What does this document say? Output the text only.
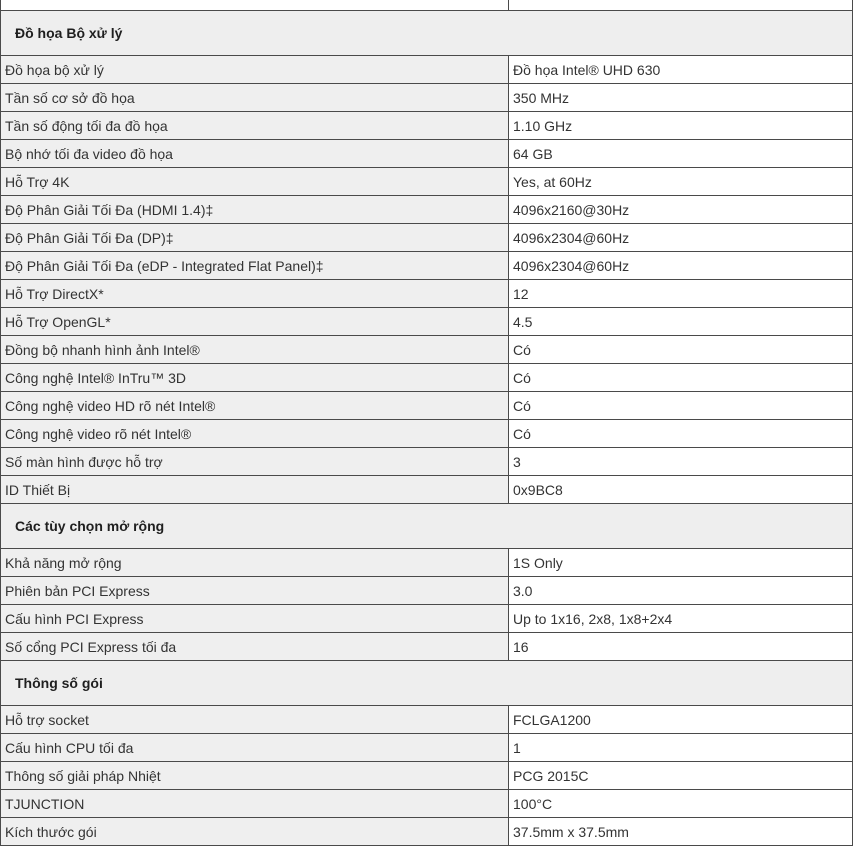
Đồ họa Bộ xử lý	
Đồ họa bộ xử lý	Đồ họa Intel® UHD 630
Tần số cơ sở đồ họa	350 MHz
Tần số động tối đa đồ họa	1.10 GHz
Bộ nhớ tối đa video đồ họa	64 GB
Hỗ Trợ 4K	Yes, at 60Hz
Độ Phân Giải Tối Đa (HDMI 1.4)‡	4096x2160@30Hz
Độ Phân Giải Tối Đa (DP)‡	4096x2304@60Hz
Độ Phân Giải Tối Đa (eDP - Integrated Flat Panel)‡	4096x2304@60Hz
Hỗ Trợ DirectX*	12
Hỗ Trợ OpenGL*	4.5
Đồng bộ nhanh hình ảnh Intel®	Có
Công nghệ Intel® InTru™ 3D	Có
Công nghệ video HD rõ nét Intel®	Có
Công nghệ video rõ nét Intel®	Có
Số màn hình được hỗ trợ	3
ID Thiết Bị	0x9BC8
Các tùy chọn mở rộng	
Khả năng mở rộng	1S Only
Phiên bản PCI Express	3.0
Cấu hình PCI Express	Up to 1x16, 2x8, 1x8+2x4
Số cổng PCI Express tối đa	16
Thông số gói	
Hỗ trợ socket	FCLGA1200
Cấu hình CPU tối đa	1
Thông số giải pháp Nhiệt	PCG 2015C
TJUNCTION	100°C
Kích thước gói	37.5mm x 37.5mm
